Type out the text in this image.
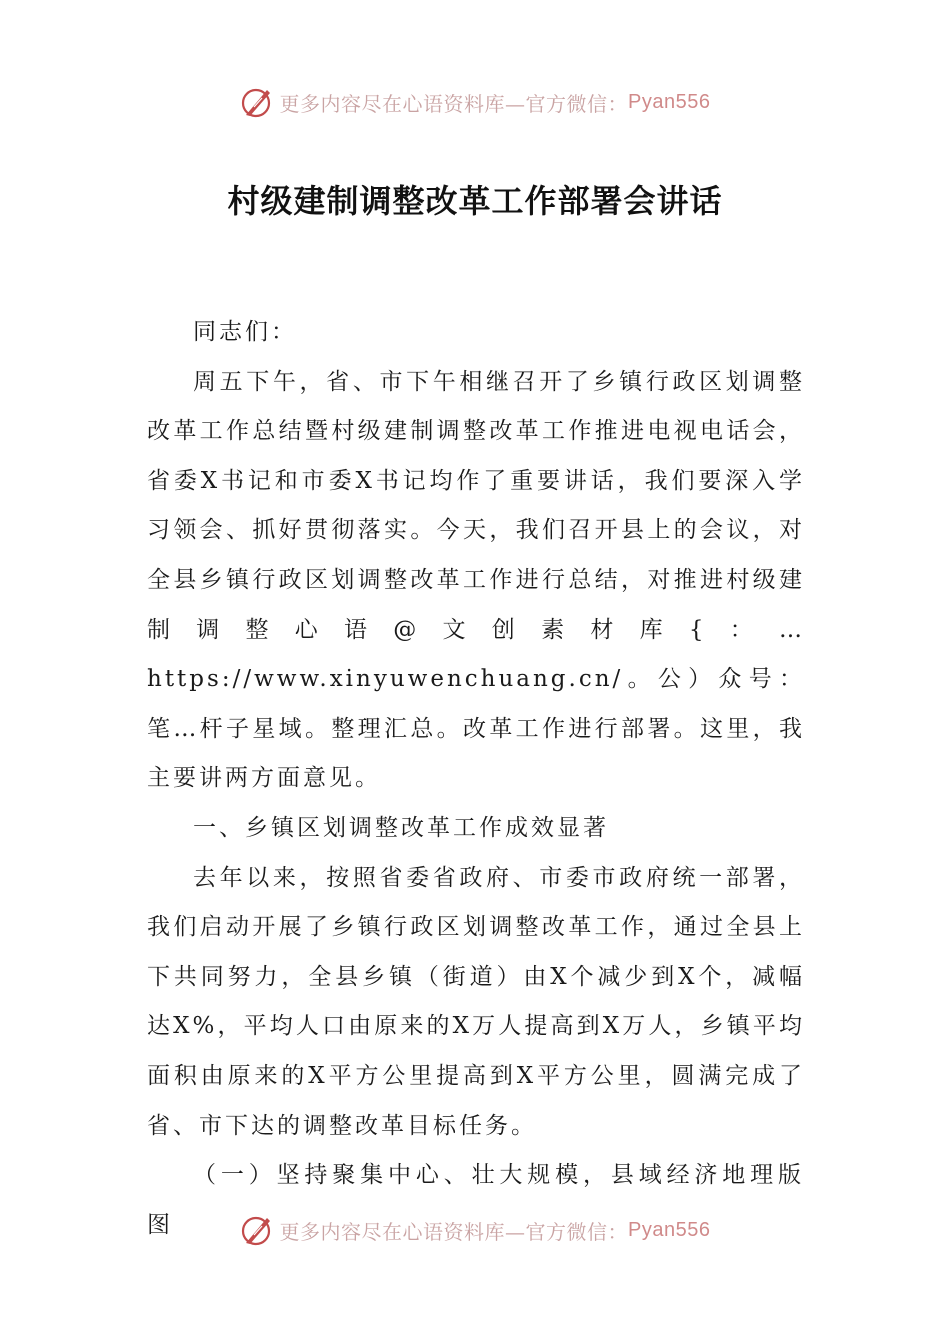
更多内容尽在心语资料库—官方微信： Pyan556
村级建制调整改革工作部署会讲话

同志们：

周五下午，省、市下午相继召开了乡镇行政区划调整改革工作总结暨村级建制调整改革工作推进电视电话会，省委X书记和市委X书记均作了重要讲话，我们要深入学习领会、抓好贯彻落实。今天，我们召开县上的会议，对全县乡镇行政区划调整改革工作进行总结，对推进村级建制调整心语@文创素材库{：…https://www.xinyuwenchuang.cn/。公）众号：笔…杆子星域。整理汇总。改革工作进行部署。这里，我主要讲两方面意见。

一、乡镇区划调整改革工作成效显著

去年以来，按照省委省政府、市委市政府统一部署，我们启动开展了乡镇行政区划调整改革工作，通过全县上下共同努力，全县乡镇（街道）由X个减少到X个，减幅达X%，平均人口由原来的X万人提高到X万人，乡镇平均面积由原来的X平方公里提高到X平方公里，圆满完成了省、市下达的调整改革目标任务。

（一）坚持聚集中心、壮大规模，县域经济地理版图	更多内容尽在心语资料库—官方微信： Pyan556
